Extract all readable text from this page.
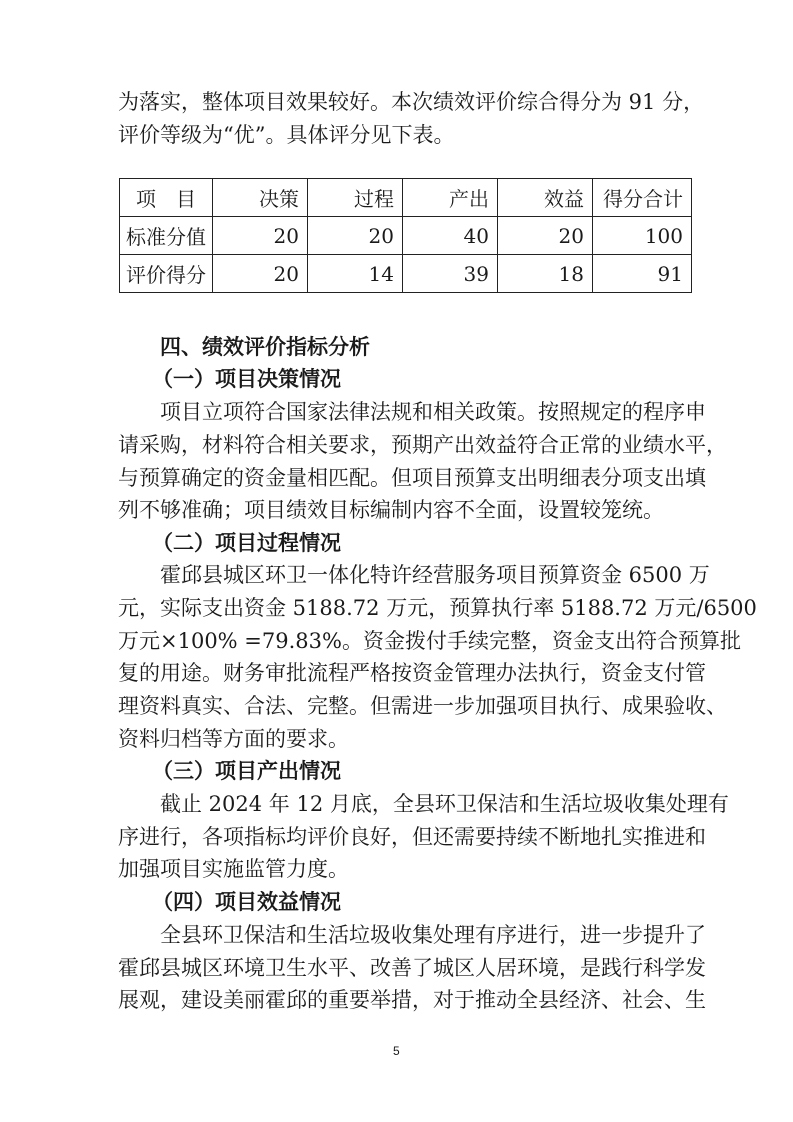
为落实，整体项目效果较好。本次绩效评价综合得分为 91 分，
评价等级为“优”。具体评分见下表。
项　目	决策	过程	产出	效益	得分合计
标准分值	20	20	40	20	100
评价得分	20	14	39	18	91
四、绩效评价指标分析
（一）项目决策情况
项目立项符合国家法律法规和相关政策。按照规定的程序申
请采购，材料符合相关要求，预期产出效益符合正常的业绩水平，
与预算确定的资金量相匹配。但项目预算支出明细表分项支出填
列不够准确；项目绩效目标编制内容不全面，设置较笼统。
（二）项目过程情况
霍邱县城区环卫一体化特许经营服务项目预算资金 6500 万
元，实际支出资金 5188.72 万元，预算执行率 5188.72 万元/6500
万元×100% =79.83%。资金拨付手续完整，资金支出符合预算批
复的用途。财务审批流程严格按资金管理办法执行，资金支付管
理资料真实、合法、完整。但需进一步加强项目执行、成果验收、
资料归档等方面的要求。
（三）项目产出情况
截止 2024 年 12 月底，全县环卫保洁和生活垃圾收集处理有
序进行，各项指标均评价良好，但还需要持续不断地扎实推进和
加强项目实施监管力度。
（四）项目效益情况
全县环卫保洁和生活垃圾收集处理有序进行，进一步提升了
霍邱县城区环境卫生水平、改善了城区人居环境，是践行科学发
展观，建设美丽霍邱的重要举措，对于推动全县经济、社会、生
5
